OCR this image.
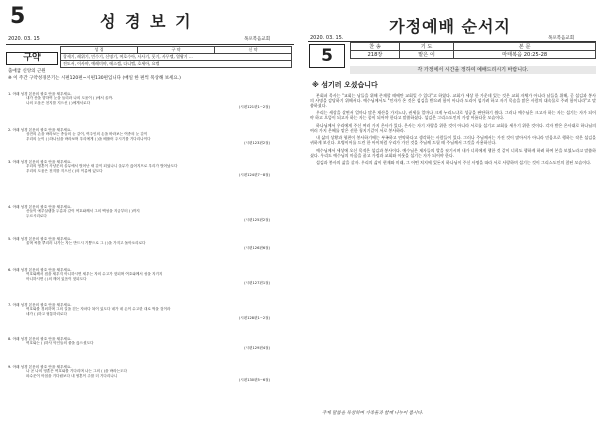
5	성 경 보 기
2020. 03. 15	목포복음교회
성 경	구 약	신 약
창세기, 레위기, 민수기, 신명기, 여호수아, 사사기, 룻기, 사무엘, 열왕기 ...
전도서, 이사야, 예레미야, 에스겔, 다니엘, 호세아, 요엘
구약
출애굽 신앙의 근원
※ 이 주간 구약성경본기는 시편120편~시편130편입니다 (매일 한 편씩 묵상해 보세요.)

1. 아래 성경 본문의 괄호 안을 채우세요.

내가 산을 향하여 눈을 들리라 나의 도움이 ( )에서 올까.

나의 도움은 천지를 지으신 ( )에게서로다

(시편121편1~2절)

2. 아래 성경 본문의 괄호 안을 채우세요.

상전의 손을 바라보는 종들의 눈 같이, 여주인의 손을 바라보는 여종의 눈 같이

우리의 눈이 ( )하나님을 바라보며 우리에게 ( )을 베풀어 주시기를 기다리나이다

(시편123편2절)

3. 아래 성경 본문의 괄호 안을 채우세요.

우리의 영혼이 사냥꾼의 올무에서 벗어난 새 같이 되었나니 올무가 끊어지므로 우리가 벗어났도다

우리의 도움은 천지를 지으신 ( )의 이름에 있도다

(시편124편7~8절)

4. 아래 성경 본문의 괄호 안을 채우세요.

산들이 예루살렘을 두름과 같이 여호와께서 그의 백성을 지금부터 ( )까지

두르시리로다

(시편125편2절)

5. 아래 성경 본문의 괄호 안을 채우세요.

울며 씨를 뿌리러 나가는 자는 반드시 기쁨으로 그 ( )을 가지고 돌아오리로다

(시편126편6절)

6. 아래 성경 본문의 괄호 안을 채우세요.

여호와께서 집을 세우지 아니하시면 세우는 자의 수고가 헛되며 여호와께서 성을 지키지

아니하시면 ( )의 깨어 있음이 헛되도다

(시편127편1절)

7. 아래 성경 본문의 괄호 안을 채우세요.

여호와를 경외하며 그의 길을 걷는 자마다 복이 있도다 네가 네 손이 수고한 대로 먹을 것이라

네가 ( )하고 형통하리로다

(시편128편1~2절)

8. 아래 성경 본문의 괄호 안을 채우세요.

여호와는 ( )하사 악인들의 줄을 끊으셨도다

(시편129편4절)

9. 아래 성경 본문의 괄호 안을 채우세요.

나 곧 나의 영혼은 여호와를 기다리며 나는 그의 ( )을 바라는도다

파수꾼이 아침을 기다림보다 내 영혼이 주를 더 기다리나니

(시편130편5~6절)

가정예배 순서지
2020. 03. 15.	목포복음교회
5	찬 송	기 도	본 문
218장	맡은 이	마태복음 20:25-28
각 가정에서 시간을 정하여 예배드리시기 바랍니다.
※ 섬기러 오셨습니다

본회퍼 목사는 "교회는 남들을 위해 존재할 때에만 교회일 수 있다"고 하였다. 교회가 세상 한 가운데 있는 것은 교회 자체가 아니라 남들을 위해, 곧 섬김과 봉사의 사명을 감당하기 위해서다. 예수님께서도 "인자가 온 것은 섬김을 받으려 함이 아니라 도리어 섬기려 하고 자기 목숨을 많은 사람의 대속물로 주려 함이니라"고 말씀하셨다.

우리는 세상을 살면서 얼마나 많은 재산을 가지느냐, 권세를 얼마나 크게 누리느냐로 성공을 판단하기 쉽다. 그러나 예수님은 크고자 하는 자는 섬기는 자가 되어야 하고 으뜸이 되고자 하는 자는 종이 되어야 한다고 말씀하셨다. 섬김은 그리스도인의 가장 아름다운 모습이다.

하나님께서 우리에게 주신 여러 가지 은사가 있다. 은사는 자기 자랑을 위한 것이 아니라 서로를 섬기고 교회를 세우기 위한 것이다. 각자 받은 은사대로 하나님의 여러 가지 은혜를 맡은 선한 청지기같이 서로 봉사하라.

내 삶의 상황과 형편이 봉사하기에는 부족하고 연약하다고 생각하는 사람들이 있다. 그러나 주님께서는 가진 것이 많아서가 아니라 믿음으로 행하는 작은 섬김을 귀하게 보신다. 오병이어를 드린 한 아이처럼 우리가 가진 것을 주님께 드릴 때 주님께서 그것을 사용하신다.

예수님께서 세상에 오신 목적은 섬김과 봉사이다. 예수님은 제자들의 발을 씻기시며 내가 너희에게 행한 것 같이 너희도 행하게 하려 하여 본을 보였노라고 말씀하셨다. 우리도 예수님의 마음을 품고 가정과 교회와 이웃을 섬기는 자가 되어야 한다.

섬김과 봉사의 삶을 살자. 우리의 삶이 현재와 미래, 그 어떤 처지에 있든지 하나님이 주신 사명을 따라 서로 사랑하며 섬기는 것이 그리스도인의 참된 모습이다.

주제 말씀을 묵상하며 가족들과 함께 나누어 봅시다.
